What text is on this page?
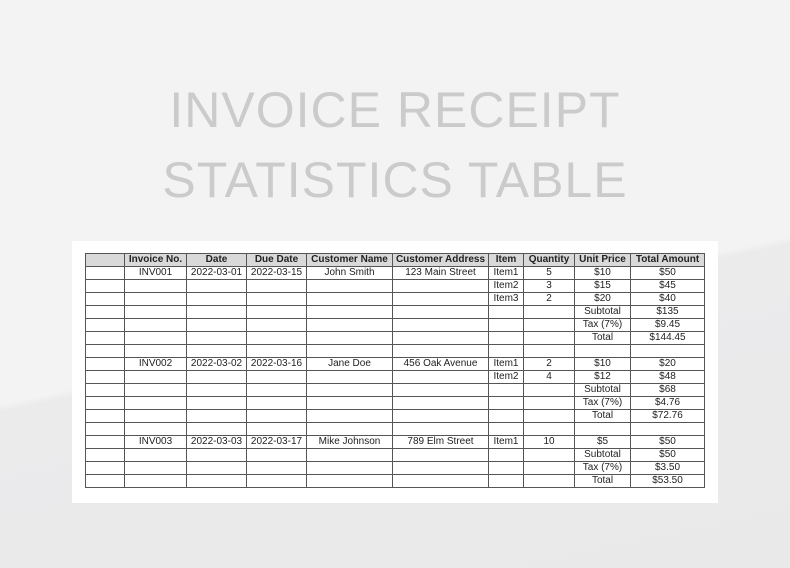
INVOICE RECEIPT
STATISTICS TABLE
	Invoice No.	Date	Due Date	Customer Name	Customer Address	Item	Quantity	Unit Price	Total Amount
	INV001	2022-03-01	2022-03-15	John Smith	123 Main Street	Item1	5	$10	$50
						Item2	3	$15	$45
						Item3	2	$20	$40
								Subtotal	$135
								Tax (7%)	$9.45
								Total	$144.45

	INV002	2022-03-02	2022-03-16	Jane Doe	456 Oak Avenue	Item1	2	$10	$20
						Item2	4	$12	$48
								Subtotal	$68
								Tax (7%)	$4.76
								Total	$72.76

	INV003	2022-03-03	2022-03-17	Mike Johnson	789 Elm Street	Item1	10	$5	$50
								Subtotal	$50
								Tax (7%)	$3.50
								Total	$53.50
